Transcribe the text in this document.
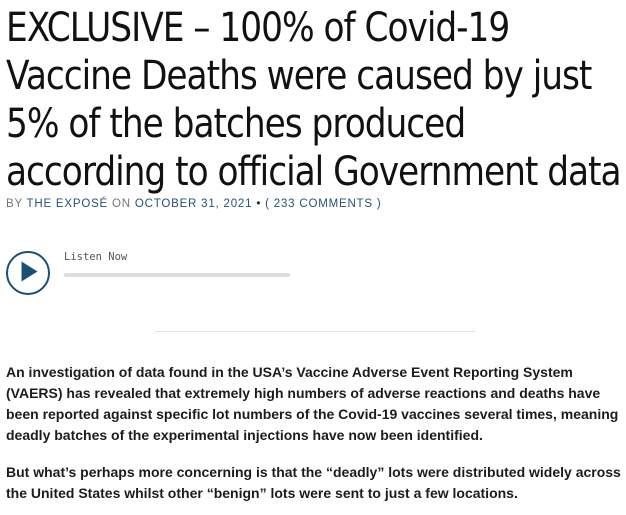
EXCLUSIVE – 100% of Covid-19 Vaccine Deaths were caused by just 5% of the batches produced according to official Government data
BY THE EXPOSÉ ON OCTOBER 31, 2021 • ( 233 COMMENTS )
Listen Now

An investigation of data found in the USA’s Vaccine Adverse Event Reporting System (VAERS) has revealed that extremely high numbers of adverse reactions and deaths have been reported against specific lot numbers of the Covid-19 vaccines several times, meaning deadly batches of the experimental injections have now been identified.

But what’s perhaps more concerning is that the “deadly” lots were distributed widely across the United States whilst other “benign” lots were sent to just a few locations.
